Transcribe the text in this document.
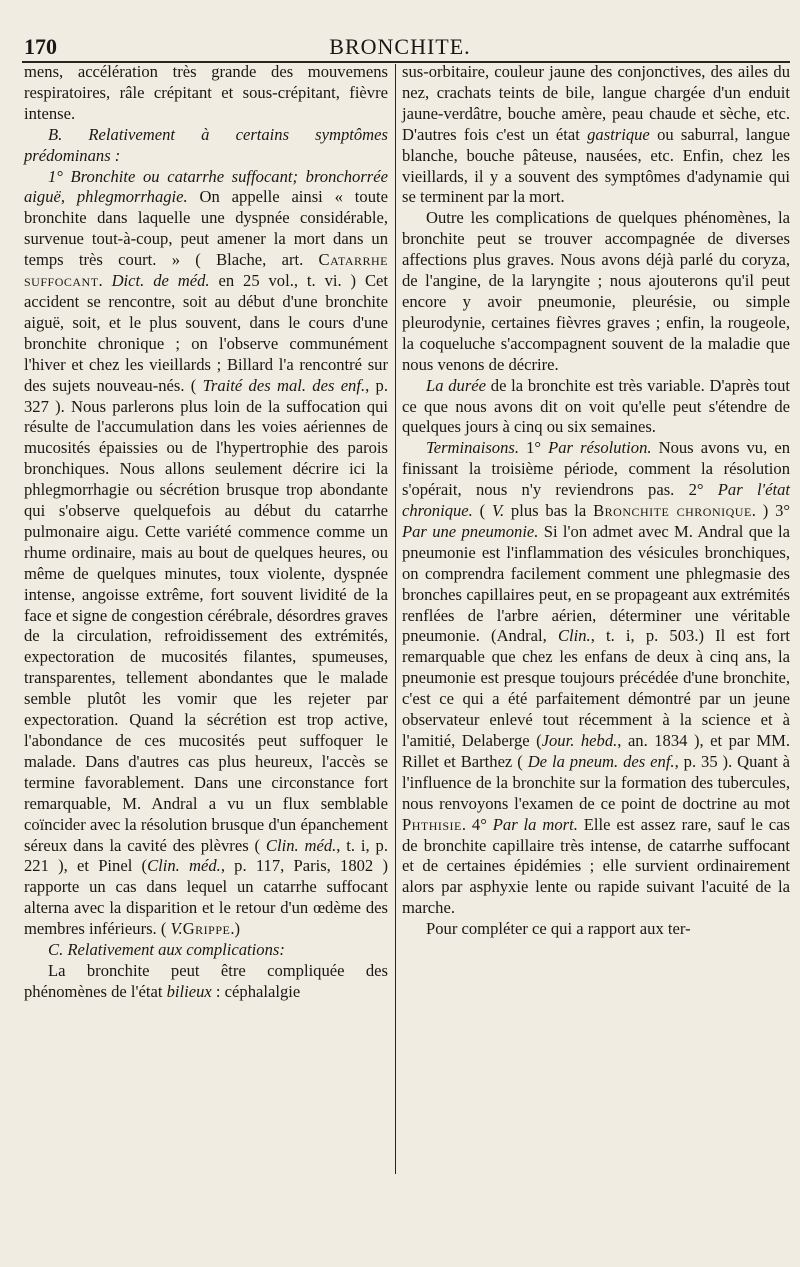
170	BRONCHITE.

mens, accélération très grande des mouvemens respiratoires, râle crépitant et sous-crépitant, fièvre intense.

B. Relativement à certains symptômes prédominans :

1° Bronchite ou catarrhe suffocant; bronchorrée aiguë, phlegmorrhagie. On appelle ainsi « toute bronchite dans laquelle une dyspnée considérable, survenue tout-à-coup, peut amener la mort dans un temps très court. » ( Blache, art. Catarrhe suffocant. Dict. de méd. en 25 vol., t. vi. ) Cet accident se rencontre, soit au début d'une bronchite aiguë, soit, et le plus souvent, dans le cours d'une bronchite chronique ; on l'observe communément l'hiver et chez les vieillards ; Billard l'a rencontré sur des sujets nouveau-nés. ( Traité des mal. des enf., p. 327 ). Nous parlerons plus loin de la suffocation qui résulte de l'accumulation dans les voies aériennes de mucosités épaissies ou de l'hypertrophie des parois bronchiques. Nous allons seulement décrire ici la phlegmorrhagie ou sécrétion brusque trop abondante qui s'observe quelquefois au début du catarrhe pulmonaire aigu. Cette variété commence comme un rhume ordinaire, mais au bout de quelques heures, ou même de quelques minutes, toux violente, dyspnée intense, angoisse extrême, fort souvent lividité de la face et signe de congestion cérébrale, désordres graves de la circulation, refroidissement des extrémités, expectoration de mucosités filantes, spumeuses, transparentes, tellement abondantes que le malade semble plutôt les vomir que les rejeter par expectoration. Quand la sécrétion est trop active, l'abondance de ces mucosités peut suffoquer le malade. Dans d'autres cas plus heureux, l'accès se termine favorablement. Dans une circonstance fort remarquable, M. Andral a vu un flux semblable coïncider avec la résolution brusque d'un épanchement séreux dans la cavité des plèvres ( Clin. méd., t. i, p. 221 ), et Pinel (Clin. méd., p. 117, Paris, 1802 ) rapporte un cas dans lequel un catarrhe suffocant alterna avec la disparition et le retour d'un œdème des membres inférieurs. ( V.Grippe.)

C. Relativement aux complications:

La bronchite peut être compliquée des phénomènes de l'état bilieux : céphalalgie

sus-orbitaire, couleur jaune des conjonctives, des ailes du nez, crachats teints de bile, langue chargée d'un enduit jaune-verdâtre, bouche amère, peau chaude et sèche, etc. D'autres fois c'est un état gastrique ou saburral, langue blanche, bouche pâteuse, nausées, etc. Enfin, chez les vieillards, il y a souvent des symptômes d'adynamie qui se terminent par la mort.

Outre les complications de quelques phénomènes, la bronchite peut se trouver accompagnée de diverses affections plus graves. Nous avons déjà parlé du coryza, de l'angine, de la laryngite ; nous ajouterons qu'il peut encore y avoir pneumonie, pleurésie, ou simple pleurodynie, certaines fièvres graves ; enfin, la rougeole, la coqueluche s'accompagnent souvent de la maladie que nous venons de décrire.

La durée de la bronchite est très variable. D'après tout ce que nous avons dit on voit qu'elle peut s'étendre de quelques jours à cinq ou six semaines.

Terminaisons. 1° Par résolution. Nous avons vu, en finissant la troisième période, comment la résolution s'opérait, nous n'y reviendrons pas. 2° Par l'état chronique. ( V. plus bas la Bronchite chronique. ) 3° Par une pneumonie. Si l'on admet avec M. Andral que la pneumonie est l'inflammation des vésicules bronchiques, on comprendra facilement comment une phlegmasie des bronches capillaires peut, en se propageant aux extrémités renflées de l'arbre aérien, déterminer une véritable pneumonie. (Andral, Clin., t. i, p. 503.) Il est fort remarquable que chez les enfans de deux à cinq ans, la pneumonie est presque toujours précédée d'une bronchite, c'est ce qui a été parfaitement démontré par un jeune observateur enlevé tout récemment à la science et à l'amitié, Delaberge (Jour. hebd., an. 1834 ), et par MM. Rillet et Barthez ( De la pneum. des enf., p. 35 ). Quant à l'influence de la bronchite sur la formation des tubercules, nous renvoyons l'examen de ce point de doctrine au mot Phthisie. 4° Par la mort. Elle est assez rare, sauf le cas de bronchite capillaire très intense, de catarrhe suffocant et de certaines épidémies ; elle survient ordinairement alors par asphyxie lente ou rapide suivant l'acuité de la marche.

Pour compléter ce qui a rapport aux ter-
